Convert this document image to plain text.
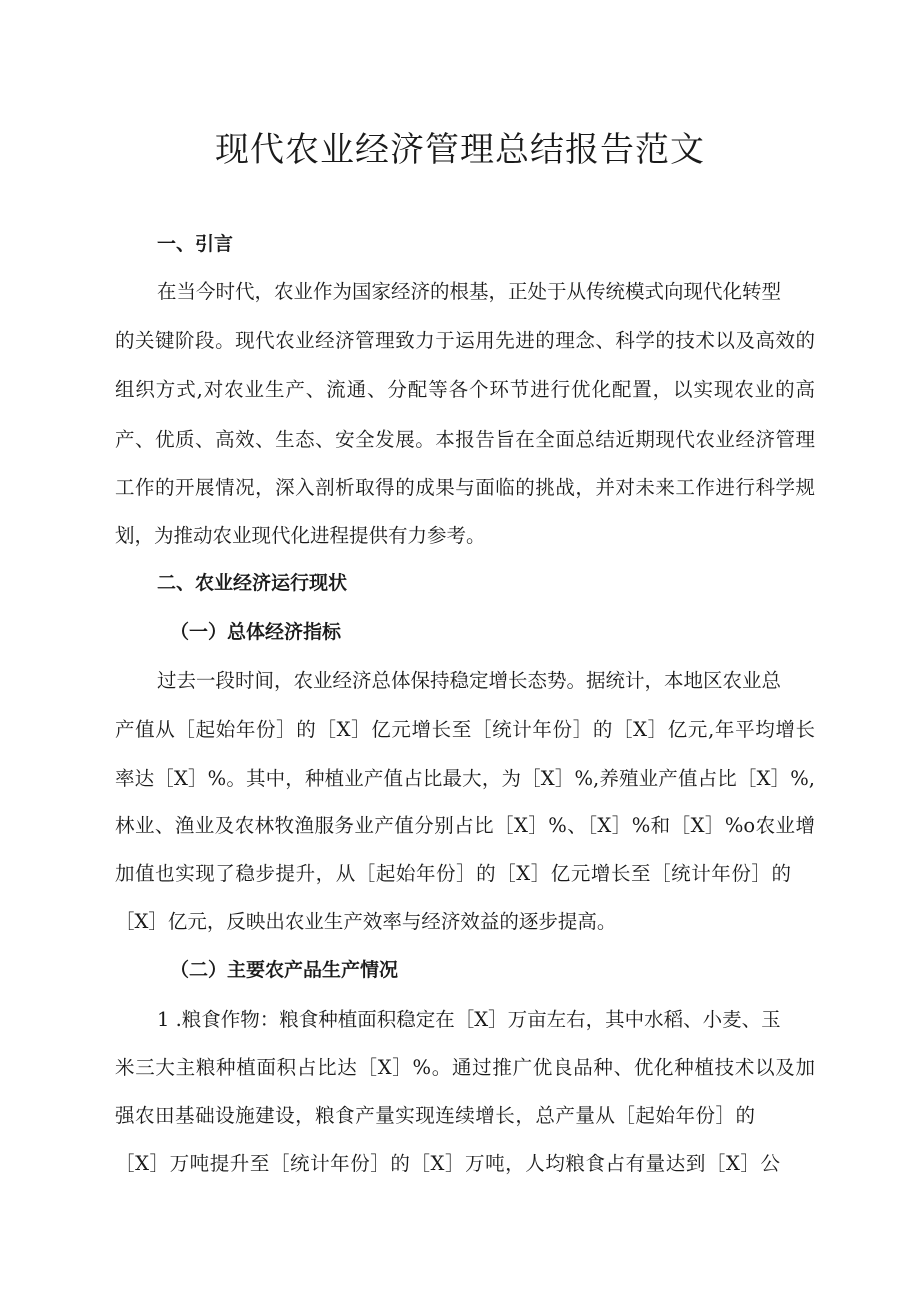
现代农业经济管理总结报告范文
一、引言
在当今时代，农业作为国家经济的根基，正处于从传统模式向现代化转型
的关键阶段。现代农业经济管理致力于运用先进的理念、科学的技术以及高效的
组织方式,对农业生产、流通、分配等各个环节进行优化配置，以实现农业的高
产、优质、高效、生态、安全发展。本报告旨在全面总结近期现代农业经济管理
工作的开展情况，深入剖析取得的成果与面临的挑战，并对未来工作进行科学规
划，为推动农业现代化进程提供有力参考。
二、农业经济运行现状
（一）总体经济指标
过去一段时间，农业经济总体保持稳定增长态势。据统计，本地区农业总
产值从［起始年份］的［X］亿元增长至［统计年份］的［X］亿元,年平均增长
率达［X］%。其中，种植业产值占比最大，为［X］%,养殖业产值占比［X］%,
林业、渔业及农林牧渔服务业产值分别占比［X］%、［X］%和［X］%o农业增
加值也实现了稳步提升，从［起始年份］的［X］亿元增长至［统计年份］的
［X］亿元，反映出农业生产效率与经济效益的逐步提高。
（二）主要农产品生产情况
1 .粮食作物：粮食种植面积稳定在［X］万亩左右，其中水稻、小麦、玉
米三大主粮种植面积占比达［X］%。通过推广优良品种、优化种植技术以及加
强农田基础设施建设，粮食产量实现连续增长，总产量从［起始年份］的
［X］万吨提升至［统计年份］的［X］万吨，人均粮食占有量达到［X］公
